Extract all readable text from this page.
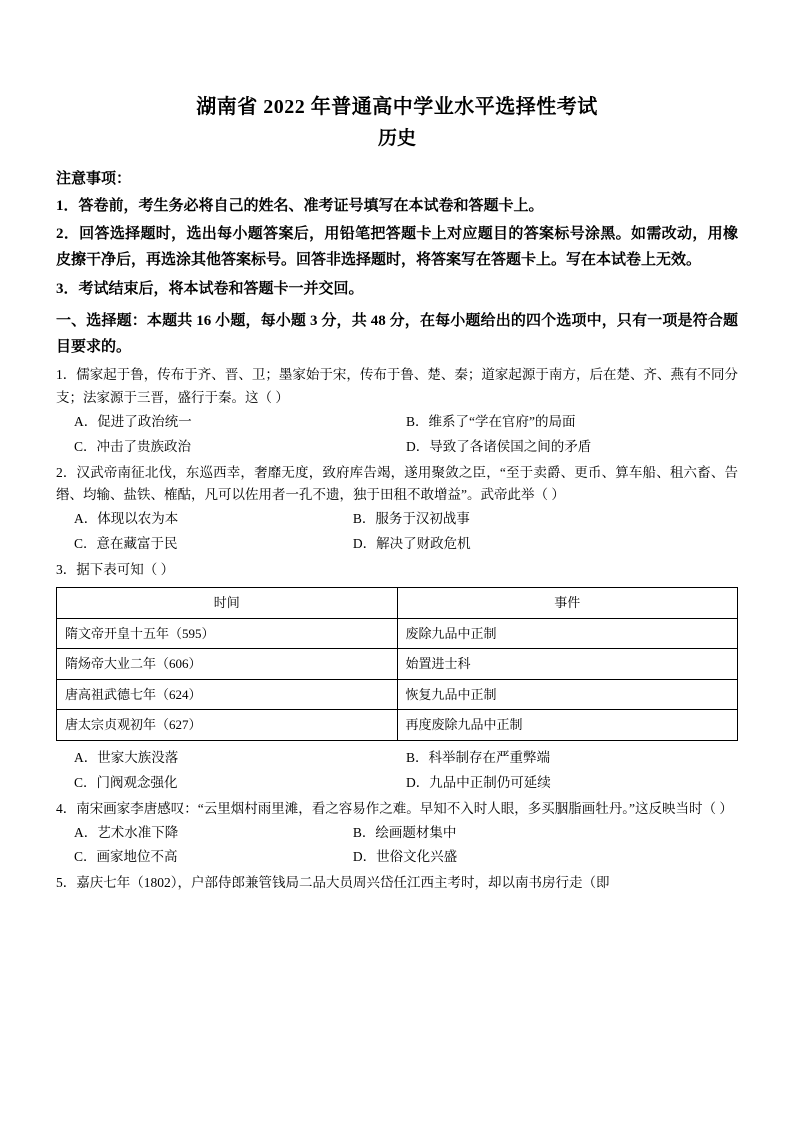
湖南省 2022 年普通高中学业水平选择性考试
历史
注意事项：
1．答卷前，考生务必将自己的姓名、准考证号填写在本试卷和答题卡上。
2．回答选择题时，选出每小题答案后，用铅笔把答题卡上对应题目的答案标号涂黑。如需改动，用橡皮擦干净后，再选涂其他答案标号。回答非选择题时，将答案写在答题卡上。写在本试卷上无效。
3．考试结束后，将本试卷和答题卡一并交回。
一、选择题：本题共 16 小题，每小题 3 分，共 48 分，在每小题给出的四个选项中，只有一项是符合题目要求的。
1．儒家起于鲁，传布于齐、晋、卫；墨家始于宋，传布于鲁、楚、秦；道家起源于南方，后在楚、齐、燕有不同分支；法家源于三晋，盛行于秦。这（ ）
A．促进了政治统一	B．维系了“学在官府”的局面
C．冲击了贵族政治	D．导致了各诸侯国之间的矛盾
2．汉武帝南征北伐，东巡西幸，奢靡无度，致府库告竭，遂用聚敛之臣，“至于卖爵、更币、算车船、租六畜、告缗、均输、盐铁、榷酤，凡可以佐用者一孔不遗，独于田租不敢增益”。武帝此举（ ）
A．体现以农为本	B．服务于汉初战事
C．意在藏富于民	D．解决了财政危机
3．据下表可知（ ）
时间	事件
隋文帝开皇十五年（595）	废除九品中正制
隋炀帝大业二年（606）	始置进士科
唐高祖武德七年（624）	恢复九品中正制
唐太宗贞观初年（627）	再度废除九品中正制
A．世家大族没落	B．科举制存在严重弊端
C．门阀观念强化	D．九品中正制仍可延续
4．南宋画家李唐感叹：“云里烟村雨里滩，看之容易作之难。早知不入时人眼，多买胭脂画牡丹。”这反映当时（ ）
A．艺术水准下降	B．绘画题材集中
C．画家地位不高	D．世俗文化兴盛
5．嘉庆七年（1802），户部侍郎兼管钱局二品大员周兴岱任江西主考时，却以南书房行走（即
